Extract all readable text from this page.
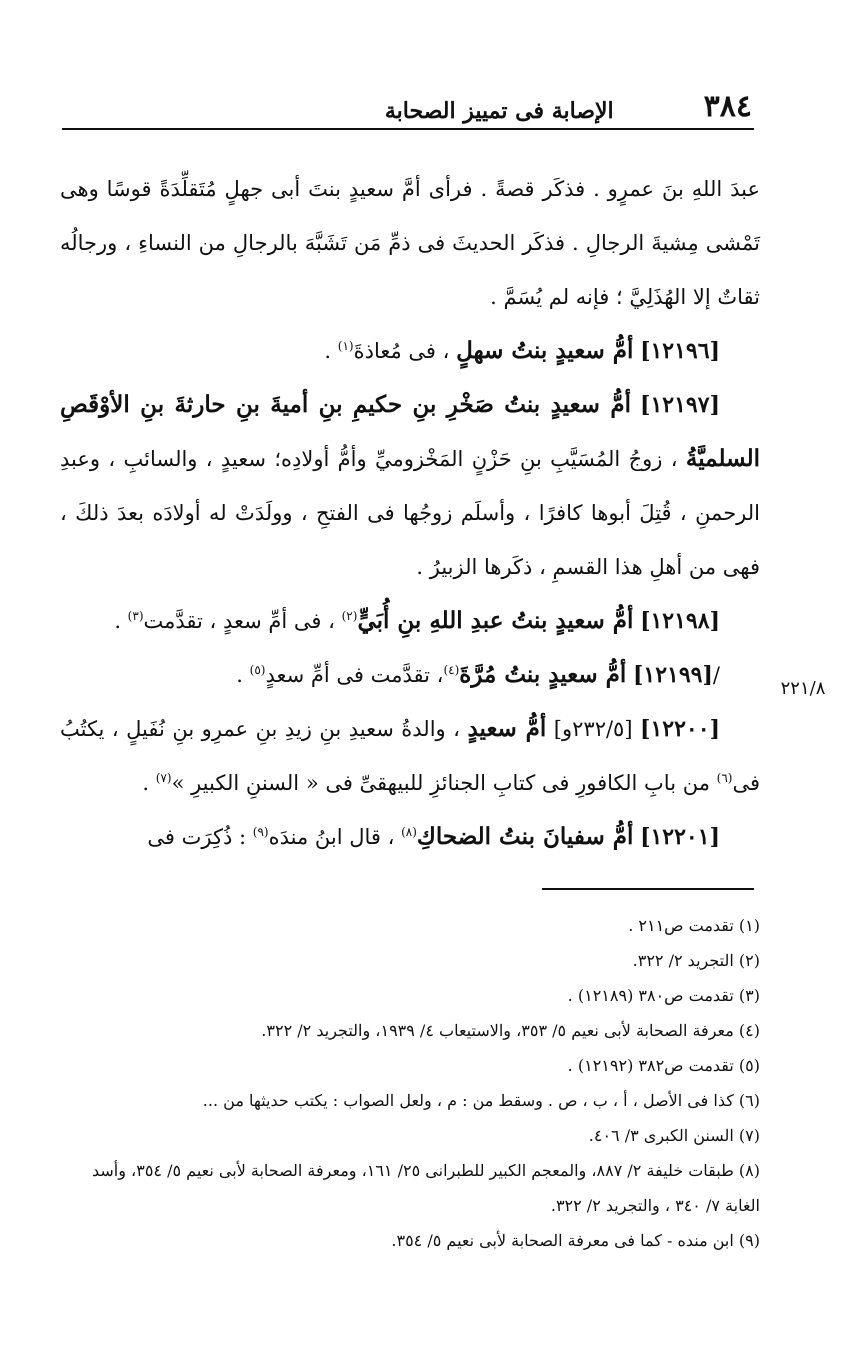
٣٨٤
الإصابة فى تمييز الصحابة
٢٢١/٨

عبدَ اللهِ بنَ عمرٍو . فذكَر قصةً . فرأى أمَّ سعيدٍ بنتَ أبى جهلٍ مُتَقلِّدَةً قوسًا وهى تَمْشى مِشيةَ الرجالِ . فذكَر الحديثَ فى ذمِّ مَن تَشَبَّهَ بالرجالِ من النساءِ ، ورجالُه ثقاتٌ إلا الهُذَلِيَّ ؛ فإنه لم يُسَمَّ .

[١٢١٩٦] أمُّ سعيدٍ بنتُ سهلٍ ، فى مُعاذةَ$^{(١)}$ .

[١٢١٩٧] أمُّ سعيدٍ بنتُ صَخْرِ بنِ حكيمِ بنِ أميةَ بنِ حارثةَ بنِ الأوْقَصِ السلميَّةُ ، زوجُ المُسَيَّبِ بنِ حَزْنٍ المَخْزوميِّ وأمُّ أولادِه؛ سعيدٍ ، والسائبِ ، وعبدِ الرحمنِ ، قُتِلَ أبوها كافرًا ، وأسلَم زوجُها فى الفتحِ ، وولَدَتْ له أولادَه بعدَ ذلكَ ، فهى من أهلِ هذا القسمِ ، ذكَرها الزبيرُ .

[١٢١٩٨] أمُّ سعيدٍ بنتُ عبدِ اللهِ بنِ أُبَيٍّ$^{(٢)}$ ، فى أمِّ سعدٍ ، تقدَّمت$^{(٣)}$ .

/[١٢١٩٩] أمُّ سعيدٍ بنتُ مُرَّةَ$^{(٤)}$، تقدَّمت فى أمِّ سعدٍ$^{(٥)}$ .

[١٢٢٠٠] [٢٣٢/٥و] أمُّ سعيدٍ ، والدةُ سعيدِ بنِ زيدِ بنِ عمرِو بنِ نُفَيلٍ ، يكتُبُ فى$^{(٦)}$ من بابِ الكافورِ فى كتابِ الجنائزِ للبيهقىِّ فى « السننِ الكبيرِ »$^{(٧)}$ .

[١٢٢٠١] أمُّ سفيانَ بنتُ الضحاكِ$^{(٨)}$ ، قال ابنُ مندَه$^{(٩)}$ : ذُكِرَت فى

(١) تقدمت ص٢١١ .

(٢) التجريد ٢/ ٣٢٢.

(٣) تقدمت ص٣٨٠ (١٢١٨٩) .

(٤) معرفة الصحابة لأبى نعيم ٥/ ٣٥٣، والاستيعاب ٤/ ١٩٣٩، والتجريد ٢/ ٣٢٢.

(٥) تقدمت ص٣٨٢ (١٢١٩٢) .

(٦) كذا فى الأصل ، أ ، ب ، ص . وسقط من : م ، ولعل الصواب : يكتب حديثها من ...

(٧) السنن الكبرى ٣/ ٤٠٦.

(٨) طبقات خليفة ٢/ ٨٨٧، والمعجم الكبير للطبرانى ٢٥/ ١٦١، ومعرفة الصحابة لأبى نعيم ٥/ ٣٥٤، وأسد الغابة ٧/ ٣٤٠ ، والتجريد ٢/ ٣٢٢.

(٩) ابن منده - كما فى معرفة الصحابة لأبى نعيم ٥/ ٣٥٤.
